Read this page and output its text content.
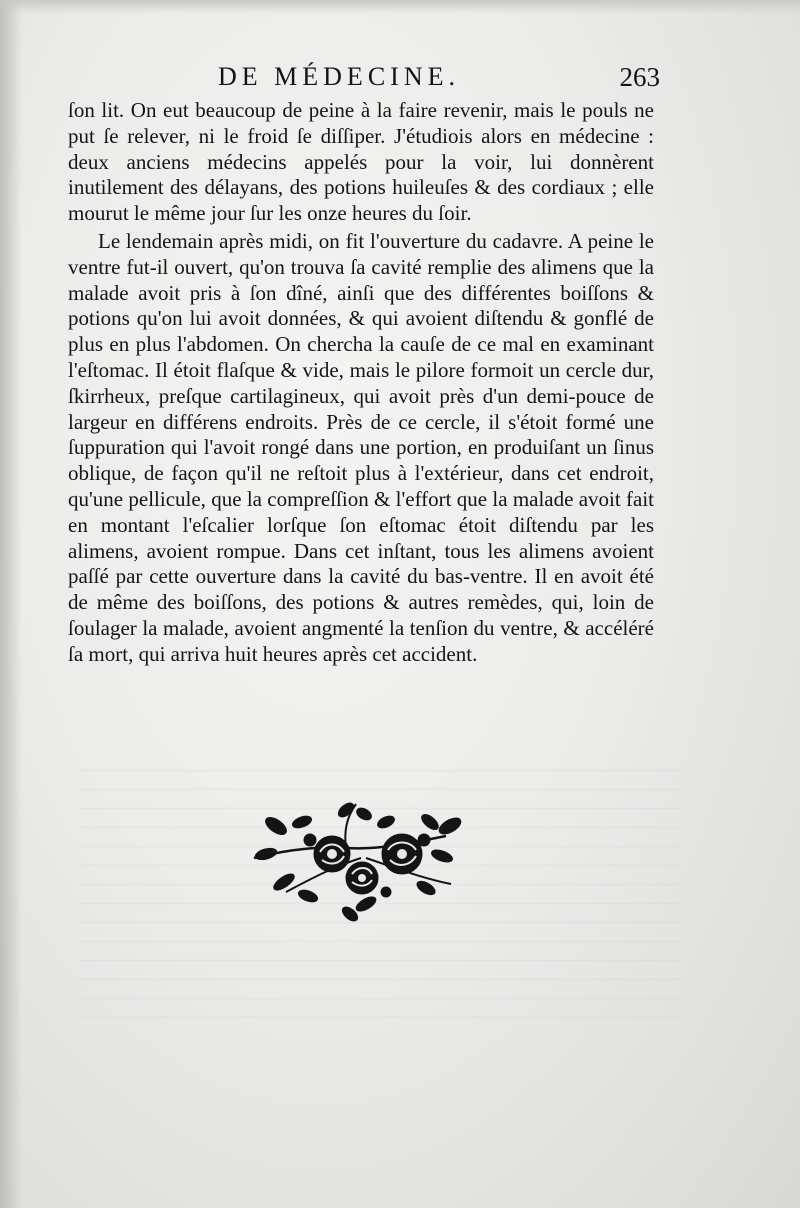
DE MÉDECINE.	263

ſon lit. On eut beaucoup de peine à la faire revenir, mais le pouls ne put ſe relever, ni le froid ſe diſſiper. J'étudiois alors en médecine : deux anciens médecins appelés pour la voir, lui donnèrent inutilement des délayans, des potions huileuſes & des cordiaux ; elle mourut le même jour ſur les onze heures du ſoir.

Le lendemain après midi, on fit l'ouverture du cadavre. A peine le ventre fut-il ouvert, qu'on trouva ſa cavité remplie des alimens que la malade avoit pris à ſon dîné, ainſi que des différentes boiſſons & potions qu'on lui avoit données, & qui avoient diſtendu & gonflé de plus en plus l'abdomen. On chercha la cauſe de ce mal en examinant l'eſtomac. Il étoit flaſque & vide, mais le pilore formoit un cercle dur, ſkirrheux, preſque cartilagineux, qui avoit près d'un demi-pouce de largeur en différens endroits. Près de ce cercle, il s'étoit formé une ſuppuration qui l'avoit rongé dans une portion, en produiſant un ſinus oblique, de façon qu'il ne reſtoit plus à l'extérieur, dans cet endroit, qu'une pellicule, que la compreſſion & l'effort que la malade avoit fait en montant l'eſcalier lorſque ſon eſtomac étoit diſtendu par les alimens, avoient rompue. Dans cet inſtant, tous les alimens avoient paſſé par cette ouverture dans la cavité du bas-ventre. Il en avoit été de même des boiſſons, des potions & autres remèdes, qui, loin de ſoulager la malade, avoient angmenté la tenſion du ventre, & accéléré ſa mort, qui arriva huit heures après cet accident.
